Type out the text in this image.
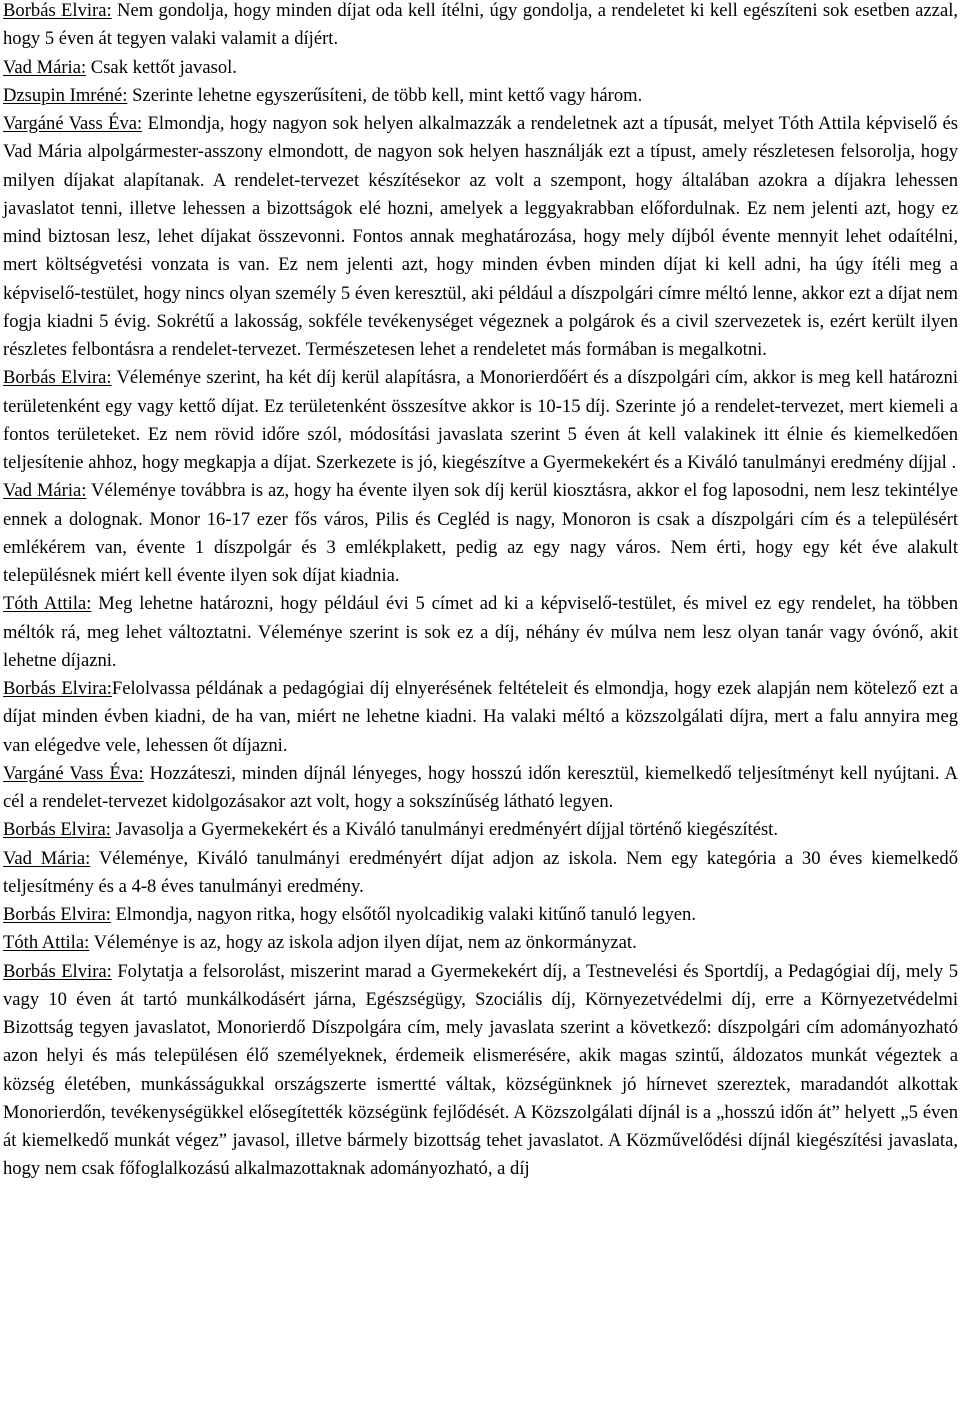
Borbás Elvira: Nem gondolja, hogy minden díjat oda kell ítélni, úgy gondolja, a rendeletet ki kell egészíteni sok esetben azzal, hogy 5 éven át tegyen valaki valamit a díjért.

Vad Mária: Csak kettőt javasol.

Dzsupin Imréné: Szerinte lehetne egyszerűsíteni, de több kell, mint kettő vagy három.

Vargáné Vass Éva: Elmondja, hogy nagyon sok helyen alkalmazzák a rendeletnek azt a típusát, melyet Tóth Attila képviselő és Vad Mária alpolgármester-asszony elmondott, de nagyon sok helyen használják ezt a típust, amely részletesen felsorolja, hogy milyen díjakat alapítanak. A rendelet-tervezet készítésekor az volt a szempont, hogy általában azokra a díjakra lehessen javaslatot tenni, illetve lehessen a bizottságok elé hozni, amelyek a leggyakrabban előfordulnak. Ez nem jelenti azt, hogy ez mind biztosan lesz, lehet díjakat összevonni. Fontos annak meghatározása, hogy mely díjból évente mennyit lehet odaítélni, mert költségvetési vonzata is van. Ez nem jelenti azt, hogy minden évben minden díjat ki kell adni, ha úgy ítéli meg a képviselő-testület, hogy nincs olyan személy 5 éven keresztül, aki például a díszpolgári címre méltó lenne, akkor ezt a díjat nem fogja kiadni 5 évig. Sokrétű a lakosság, sokféle tevékenységet végeznek a polgárok és a civil szervezetek is, ezért került ilyen részletes felbontásra a rendelet-tervezet. Természetesen lehet a rendeletet más formában is megalkotni.

Borbás Elvira: Véleménye szerint, ha két díj kerül alapításra, a Monorierdőért és a díszpolgári cím, akkor is meg kell határozni területenként egy vagy kettő díjat. Ez területenként összesítve akkor is 10-15 díj. Szerinte jó a rendelet-tervezet, mert kiemeli a fontos területeket. Ez nem rövid időre szól, módosítási javaslata szerint 5 éven át kell valakinek itt élnie és kiemelkedően teljesítenie ahhoz, hogy megkapja a díjat. Szerkezete is jó, kiegészítve a Gyermekekért és a Kiváló tanulmányi eredmény díjjal .

Vad Mária: Véleménye továbbra is az, hogy ha évente ilyen sok díj kerül kiosztásra, akkor el fog laposodni, nem lesz tekintélye ennek a dolognak. Monor 16-17 ezer fős város, Pilis és Cegléd is nagy, Monoron is csak a díszpolgári cím és a településért emlékérem van, évente 1 díszpolgár és 3 emlékplakett, pedig az egy nagy város. Nem érti, hogy egy két éve alakult településnek miért kell évente ilyen sok díjat kiadnia.

Tóth Attila: Meg lehetne határozni, hogy például évi 5 címet ad ki a képviselő-testület, és mivel ez egy rendelet, ha többen méltók rá, meg lehet változtatni. Véleménye szerint is sok ez a díj, néhány év múlva nem lesz olyan tanár vagy óvónő, akit lehetne díjazni.

Borbás Elvira:Felolvassa példának a pedagógiai díj elnyerésének feltételeit és elmondja, hogy ezek alapján nem kötelező ezt a díjat minden évben kiadni, de ha van, miért ne lehetne kiadni. Ha valaki méltó a közszolgálati díjra, mert a falu annyira meg van elégedve vele, lehessen őt díjazni.

Vargáné Vass Éva: Hozzáteszi, minden díjnál lényeges, hogy hosszú időn keresztül, kiemelkedő teljesítményt kell nyújtani. A cél a rendelet-tervezet kidolgozásakor azt volt, hogy a sokszínűség látható legyen.

Borbás Elvira: Javasolja a Gyermekekért és a Kiváló tanulmányi eredményért díjjal történő kiegészítést.

Vad Mária: Véleménye, Kiváló tanulmányi eredményért díjat adjon az iskola. Nem egy kategória a 30 éves kiemelkedő teljesítmény és a 4-8 éves tanulmányi eredmény.

Borbás Elvira: Elmondja, nagyon ritka, hogy elsőtől nyolcadikig valaki kitűnő tanuló legyen.

Tóth Attila: Véleménye is az, hogy az iskola adjon ilyen díjat, nem az önkormányzat.

Borbás Elvira: Folytatja a felsorolást, miszerint marad a Gyermekekért díj, a Testnevelési és Sportdíj, a Pedagógiai díj, mely 5 vagy 10 éven át tartó munkálkodásért járna, Egészségügy, Szociális díj, Környezetvédelmi díj, erre a Környezetvédelmi Bizottság tegyen javaslatot, Monorierdő Díszpolgára cím, mely javaslata szerint a következő: díszpolgári cím adományozható azon helyi és más településen élő személyeknek, érdemeik elismerésére, akik magas szintű, áldozatos munkát végeztek a község életében, munkásságukkal országszerte ismertté váltak, községünknek jó hírnevet szereztek, maradandót alkottak Monorierdőn, tevékenységükkel elősegítették községünk fejlődését. A Közszolgálati díjnál is a „hosszú időn át” helyett „5 éven át kiemelkedő munkát végez” javasol, illetve bármely bizottság tehet javaslatot. A Közművelődési díjnál kiegészítési javaslata, hogy nem csak főfoglalkozású alkalmazottaknak adományozható, a díj
